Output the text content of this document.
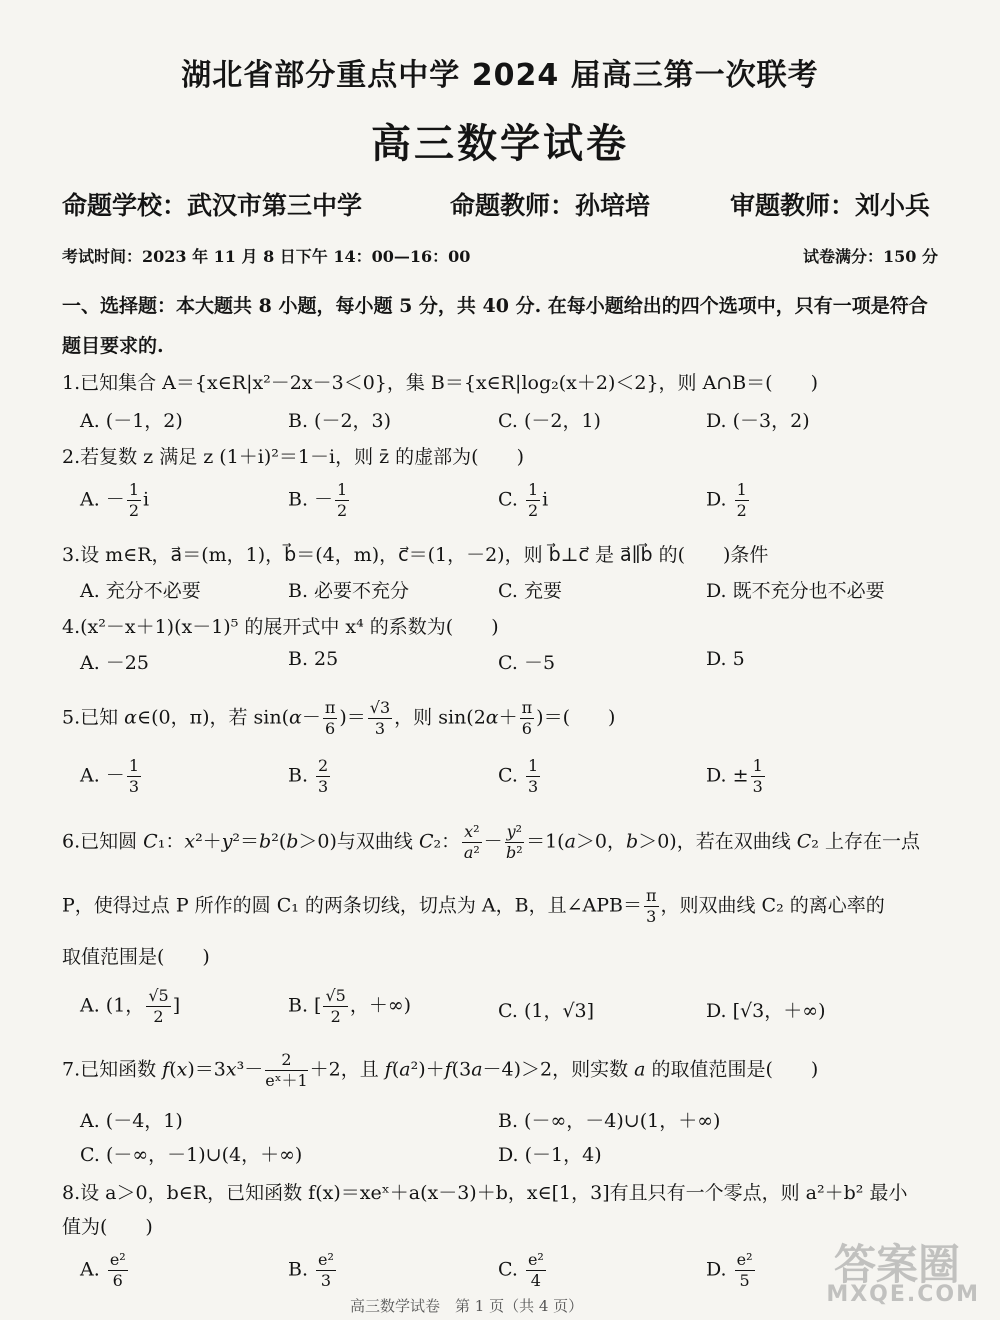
湖北省部分重点中学 2024 届高三第一次联考
高三数学试卷
命题学校：武汉市第三中学	命题教师：孙培培	审题教师：刘小兵
考试时间：2023 年 11 月 8 日下午 14：00—16：00	试卷满分：150 分
一、选择题：本大题共 8 小题，每小题 5 分，共 40 分. 在每小题给出的四个选项中，只有一项是符合
题目要求的.
1.已知集合 A＝{x∈R|x²－2x－3＜0}，集 B＝{x∈R|log₂(x＋2)＜2}，则 A∩B＝(　　)
A. (－1，2)	B. (－2，3)	C. (－2，1)	D. (－3，2)
2.若复数 z 满足 z (1＋i)²＝1－i，则 z̄ 的虚部为(　　)
A. － $\frac{1}{2}$ i	B. － $\frac{1}{2}$	C. $\frac{1}{2}$ i	D. $\frac{1}{2}$
3.设 m∈R，a⃗＝(m，1)，b⃗＝(4，m)，c⃗＝(1，－2)，则 b⃗⊥c⃗ 是 a⃗∥b⃗ 的(　　)条件
A. 充分不必要	B. 必要不充分	C. 充要	D. 既不充分也不必要
4.(x²－x＋1)(x－1)⁵ 的展开式中 x⁴ 的系数为(　　)
A. －25	B. 25	C. －5	D. 5
5.已知 α∈(0，π)，若 $\sin(\alpha- \frac{\pi}{6}$ )＝ $\frac{√3}{3}$ ，则 $\sin(2\alpha+ \frac{\pi}{6}$ )＝(　　)
A. － $\frac{1}{3}$	B. $\frac{2}{3}$	C. $\frac{1}{3}$	D. ± $\frac{1}{3}$
6.已知圆 C₁：x²＋y²＝b²(b＞0)与双曲线 C₂： $\frac{\text{x²}}{\text{a²}} - \frac{\text{y²}}{\text{b²}} =1(a>0$，b＞0)，若在双曲线 C₂ 上存在一点
P，使得过点 P 所作的圆 C₁ 的两条切线，切点为 A，B，且∠APB＝ $\frac{\pi}{3}$ ，则双曲线 C₂ 的离心率的
取值范围是(　　)
A. (1， $\frac{√5}{2}$ ]	B. [ $\frac{√5}{2}$ ，＋∞)	C. (1，√3]	D. [√3，＋∞)
7.已知函数 $f(x)=3x^3- \frac{2}{\text{eˣ＋1}} +2$，且 f(a²)＋f(3a－4)＞2，则实数 a 的取值范围是(　　)
A. (－4，1)	B. (－∞，－4)∪(1，＋∞)
C. (－∞，－1)∪(4，＋∞)	D. (－1，4)
8.设 a＞0，b∈R，已知函数 f(x)＝xeˣ＋a(x－3)＋b，x∈[1，3]有且只有一个零点，则 a²＋b² 最小
值为(　　)
A. $\frac{\text{e²}}{6}$	B. $\frac{\text{e²}}{3}$	C. $\frac{\text{e²}}{4}$	D. $\frac{\text{e²}}{5}$
高三数学试卷　第 1 页（共 4 页）
答案圈
MXQE.COM
